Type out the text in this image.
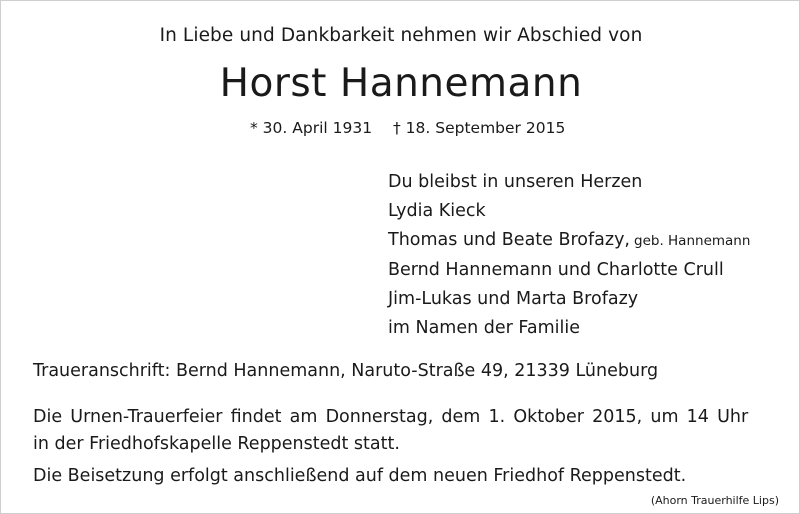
In Liebe und Dankbarkeit nehmen wir Abschied von
Horst Hannemann
* 30. April 1931 † 18. September 2015
Du bleibst in unseren Herzen
Lydia Kieck
Thomas und Beate Brofazy, geb. Hannemann
Bernd Hannemann und Charlotte Crull
Jim-Lukas und Marta Brofazy
im Namen der Familie
Traueranschrift: Bernd Hannemann, Naruto-Straße 49, 21339 Lüneburg
Die Urnen-Trauerfeier findet am Donnerstag, dem 1. Oktober 2015, um 14 Uhr
in der Friedhofskapelle Reppenstedt statt.
Die Beisetzung erfolgt anschließend auf dem neuen Friedhof Reppenstedt.
(Ahorn Trauerhilfe Lips)
